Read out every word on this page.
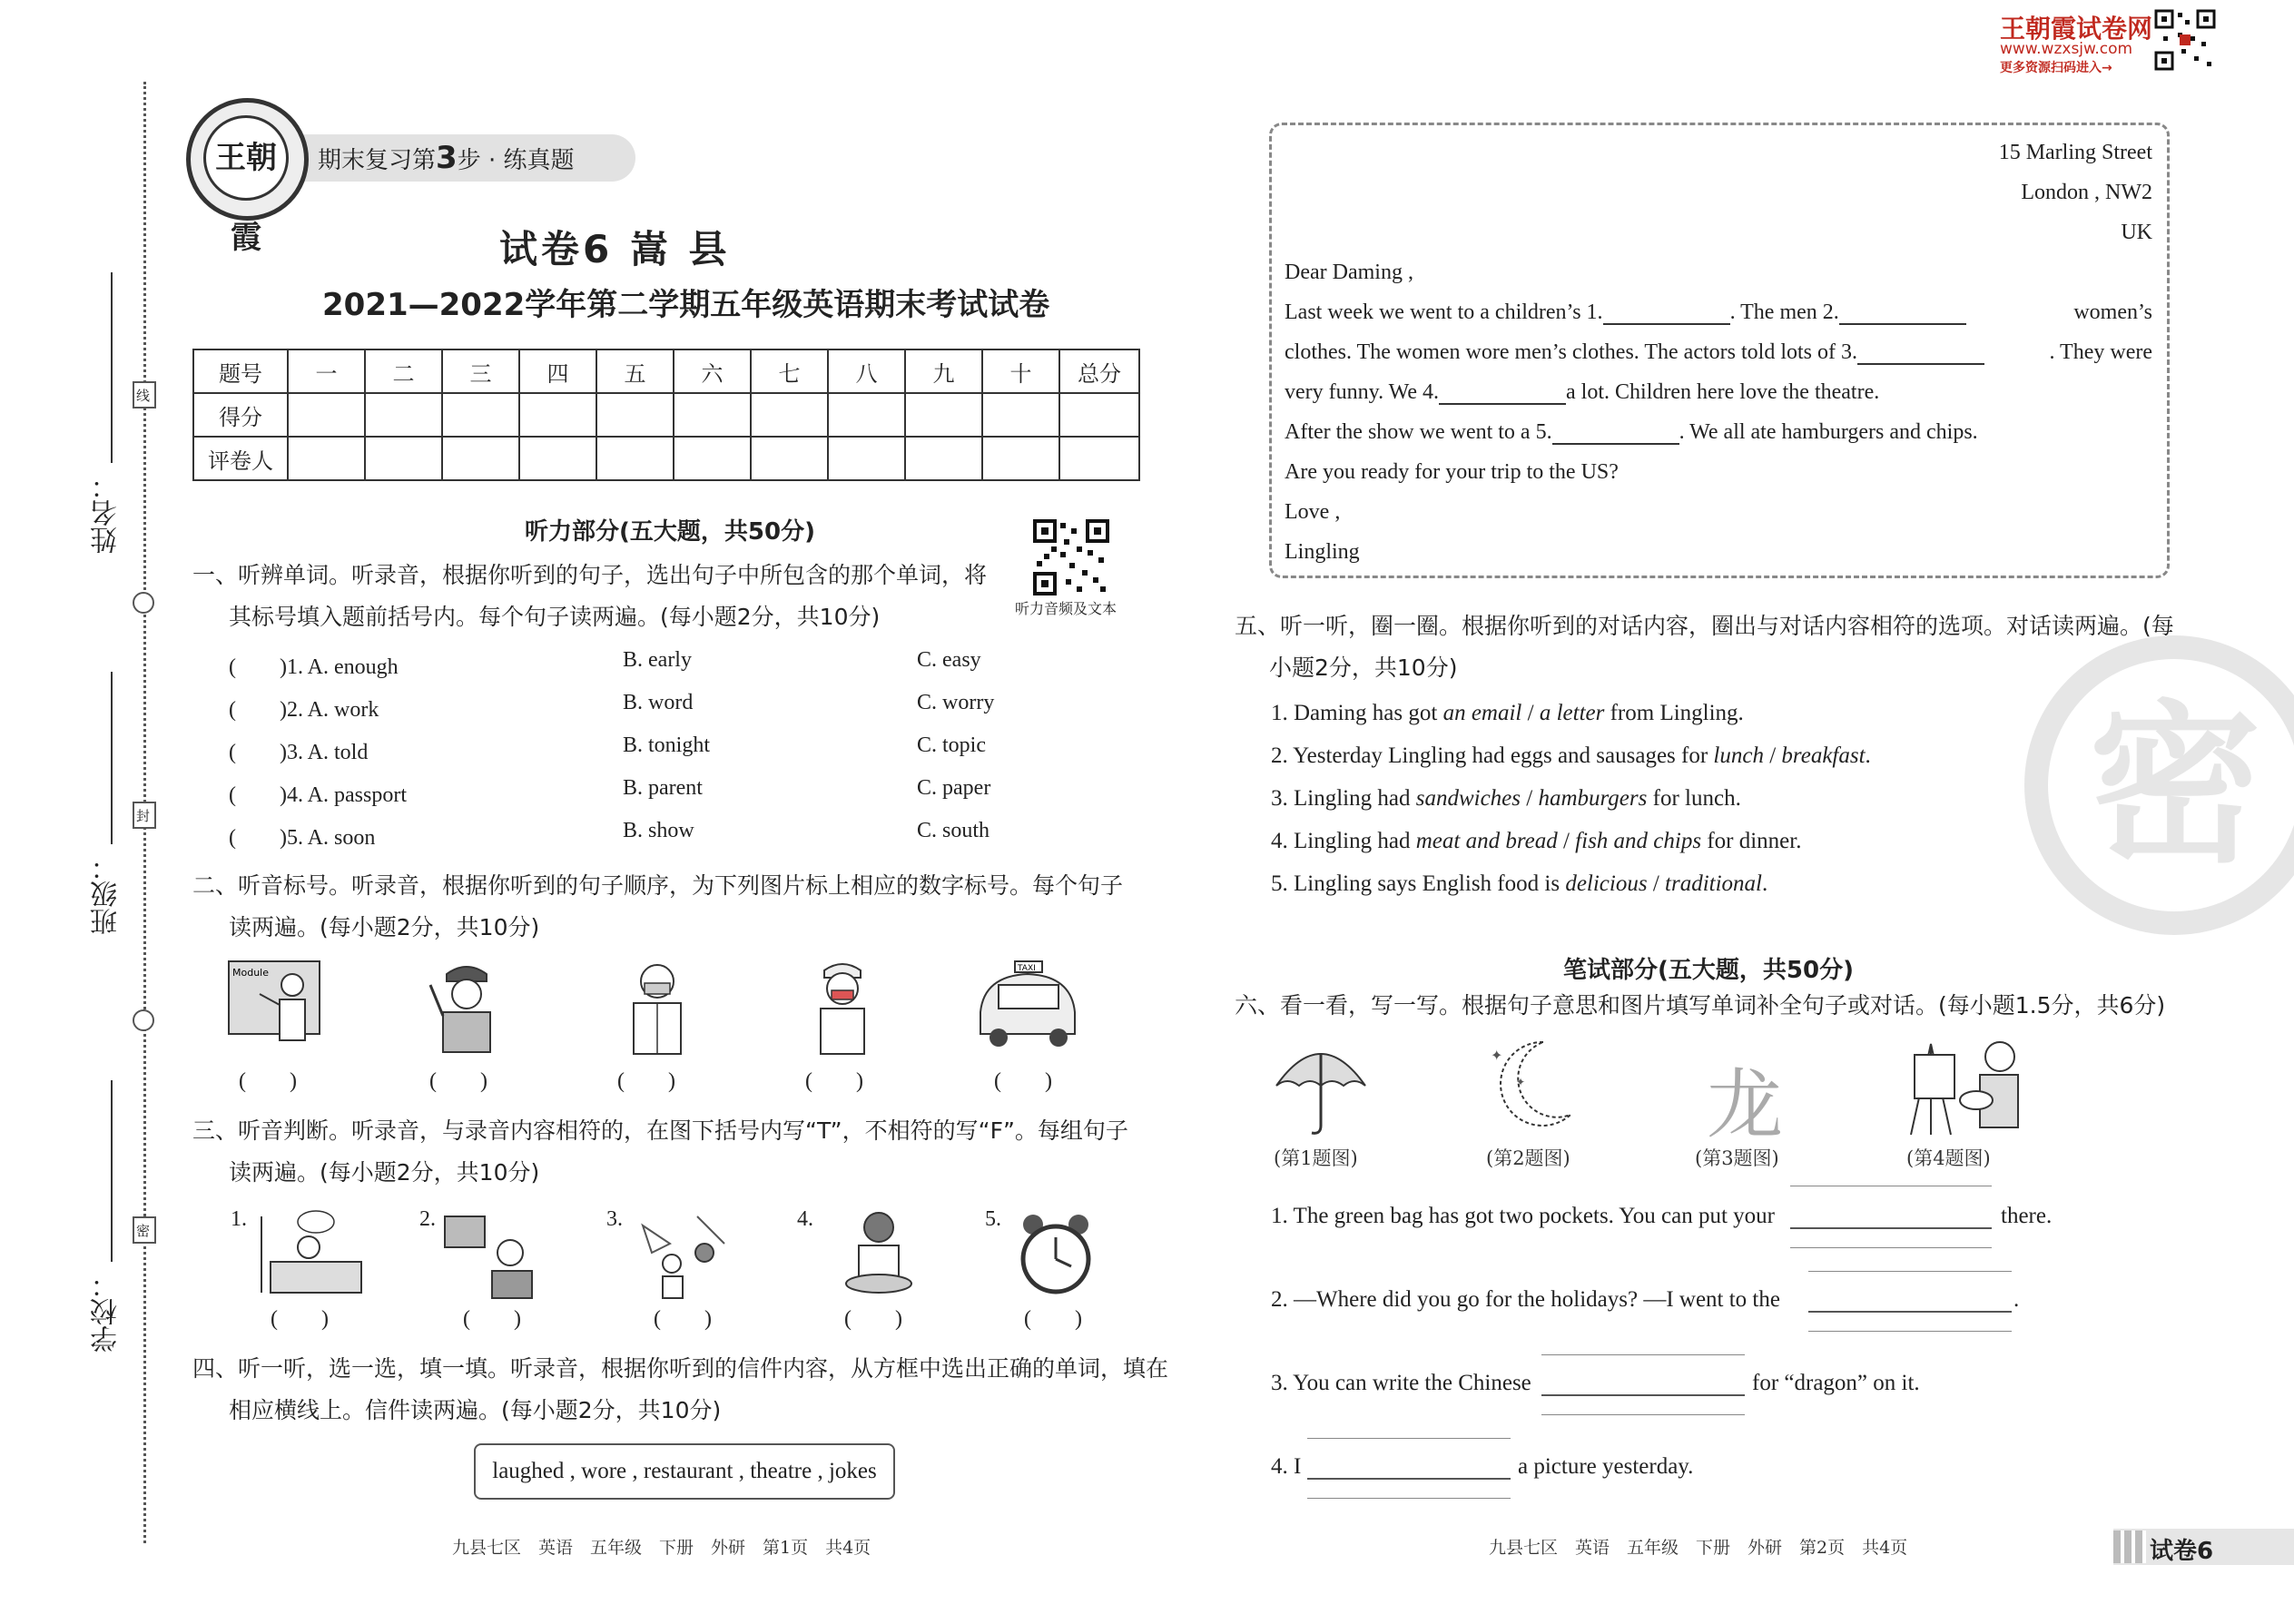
姓名：
班级：
学校：
线
封
密
期末复习第3步 · 练真题
王朝霞	试卷6 嵩 县
2021—2022学年第二学期五年级英语期末考试试卷
题号	一	二	三	四	五	六	七	八	九	十	总分
得分											
评卷人											
听力部分(五大题，共50分)
听力音频及文本
一、听辨单词。听录音，根据你听到的句子，选出句子中所包含的那个单词，将
其标号填入题前括号内。每个句子读两遍。(每小题2分，共10分)
(　　)1. A. enough	B. early	C. easy
(　　)2. A. work	B. word	C. worry
(　　)3. A. told	B. tonight	C. topic
(　　)4. A. passport	B. parent	C. paper
(　　)5. A. soon	B. show	C. south
二、听音标号。听录音，根据你听到的句子顺序，为下列图片标上相应的数字标号。每个句子
读两遍。(每小题2分，共10分)
Module	TAXI
(　　)	(　　)	(　　)	(　　)	(　　)
三、听音判断。听录音，与录音内容相符的，在图下括号内写“T”，不相符的写“F”。每组句子
读两遍。(每小题2分，共10分)
1.	2.	3.	4.	5.
(　　)	(　　)	(　　)	(　　)	(　　)
四、听一听，选一选，填一填。听录音，根据你听到的信件内容，从方框中选出正确的单词，填在
相应横线上。信件读两遍。(每小题2分，共10分)
laughed , wore , restaurant , theatre , jokes
九县七区　英语　五年级　下册　外研　第1页　共4页
王朝霞试卷网
www.wzxsjw.com
更多资源扫码进入→
15 Marling Street
London , NW2
UK
Dear Daming ,
Last week we went to a children’s 1.	. The men 2.	women’s
clothes. The women wore men’s clothes. The actors told lots of 3.	. They were
very funny. We 4.	a lot. Children here love the theatre.
After the show we went to a 5.	. We all ate hamburgers and chips.
Are you ready for your trip to the US?
Love ,
Lingling
密
五、听一听，圈一圈。根据你听到的对话内容，圈出与对话内容相符的选项。对话读两遍。(每
小题2分，共10分)
1. Daming has got an email / a letter from Lingling.
2. Yesterday Lingling had eggs and sausages for lunch / breakfast.
3. Lingling had sandwiches / hamburgers for lunch.
4. Lingling had meat and bread / fish and chips for dinner.
5. Lingling says English food is delicious / traditional.
笔试部分(五大题，共50分)
六、看一看，写一写。根据句子意思和图片填写单词补全句子或对话。(每小题1.5分，共6分)
✦
✦ 龙
(第1题图)	(第2题图)	(第3题图)	(第4题图)
1. The green bag has got two pockets. You can put your	there.
2. —Where did you go for the holidays? —I went to the	.
3. You can write the Chinese	for “dragon” on it.
4. I	a picture yesterday.
九县七区　英语　五年级　下册　外研　第2页　共4页	试卷6
